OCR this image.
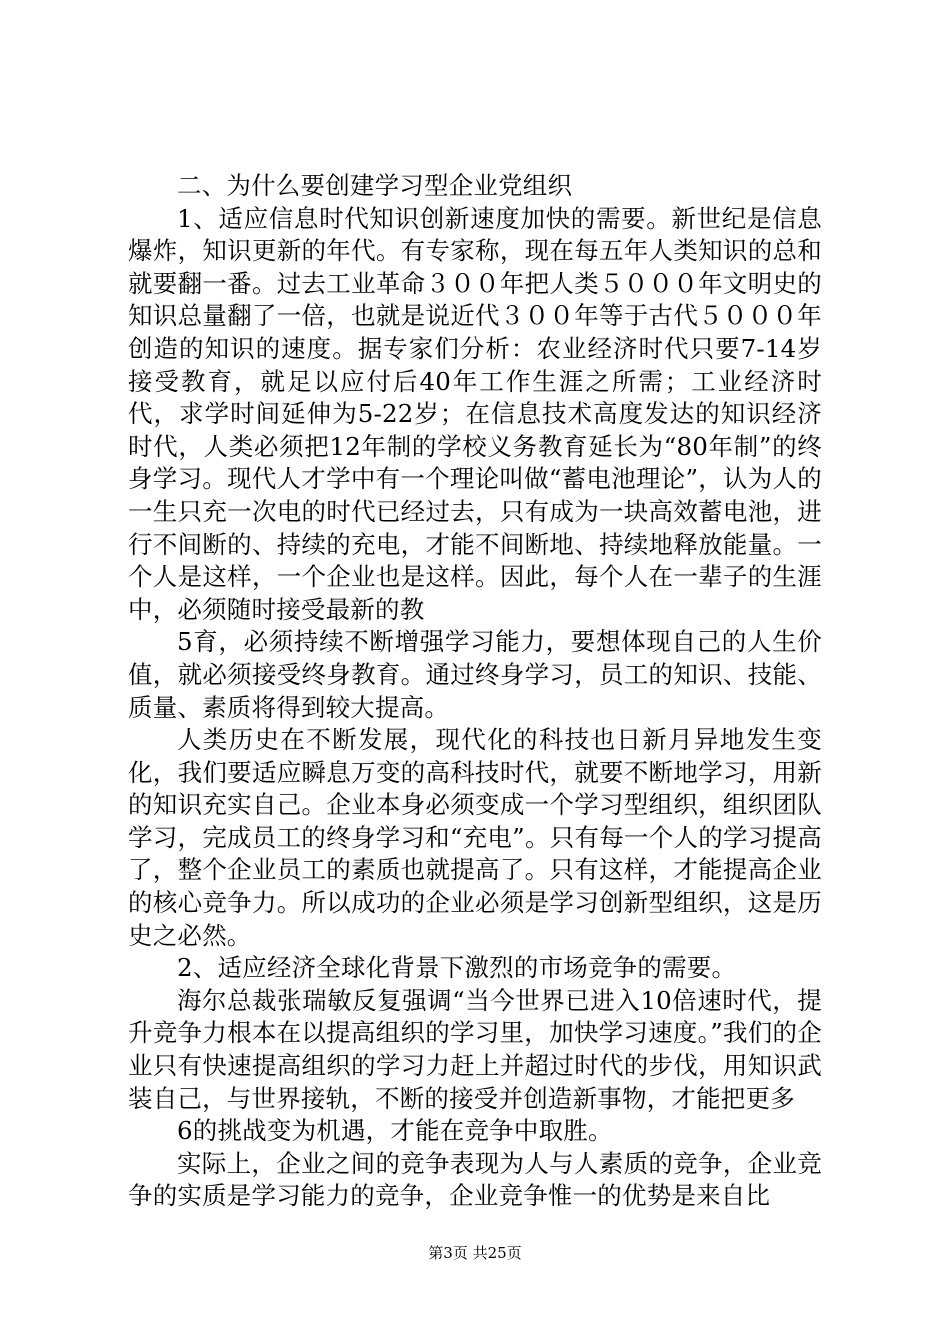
二、为什么要创建学习型企业党组织

1、适应信息时代知识创新速度加快的需要。新世纪是信息爆炸，知识更新的年代。有专家称，现在每五年人类知识的总和就要翻一番。过去工业革命３００年把人类５０００年文明史的知识总量翻了一倍，也就是说近代３００年等于古代５０００年创造的知识的速度。据专家们分析：农业经济时代只要7-14岁接受教育，就足以应付后40年工作生涯之所需；工业经济时代，求学时间延伸为5-22岁；在信息技术高度发达的知识经济时代，人类必须把12年制的学校义务教育延长为“80年制”的终身学习。现代人才学中有一个理论叫做“蓄电池理论”，认为人的一生只充一次电的时代已经过去，只有成为一块高效蓄电池，进行不间断的、持续的充电，才能不间断地、持续地释放能量。一个人是这样，一个企业也是这样。因此，每个人在一辈子的生涯中，必须随时接受最新的教

5育，必须持续不断增强学习能力，要想体现自己的人生价值，就必须接受终身教育。通过终身学习，员工的知识、技能、质量、素质将得到较大提高。

人类历史在不断发展，现代化的科技也日新月异地发生变化，我们要适应瞬息万变的高科技时代，就要不断地学习，用新的知识充实自己。企业本身必须变成一个学习型组织，组织团队学习，完成员工的终身学习和“充电”。只有每一个人的学习提高了，整个企业员工的素质也就提高了。只有这样，才能提高企业的核心竞争力。所以成功的企业必须是学习创新型组织，这是历史之必然。

2、适应经济全球化背景下激烈的市场竞争的需要。

海尔总裁张瑞敏反复强调“当今世界已进入10倍速时代，提升竞争力根本在以提高组织的学习里，加快学习速度。”我们的企业只有快速提高组织的学习力赶上并超过时代的步伐，用知识武装自己，与世界接轨，不断的接受并创造新事物，才能把更多

6的挑战变为机遇，才能在竞争中取胜。

实际上，企业之间的竞争表现为人与人素质的竞争，企业竞争的实质是学习能力的竞争，企业竞争惟一的优势是来自比

第3页 共25页
